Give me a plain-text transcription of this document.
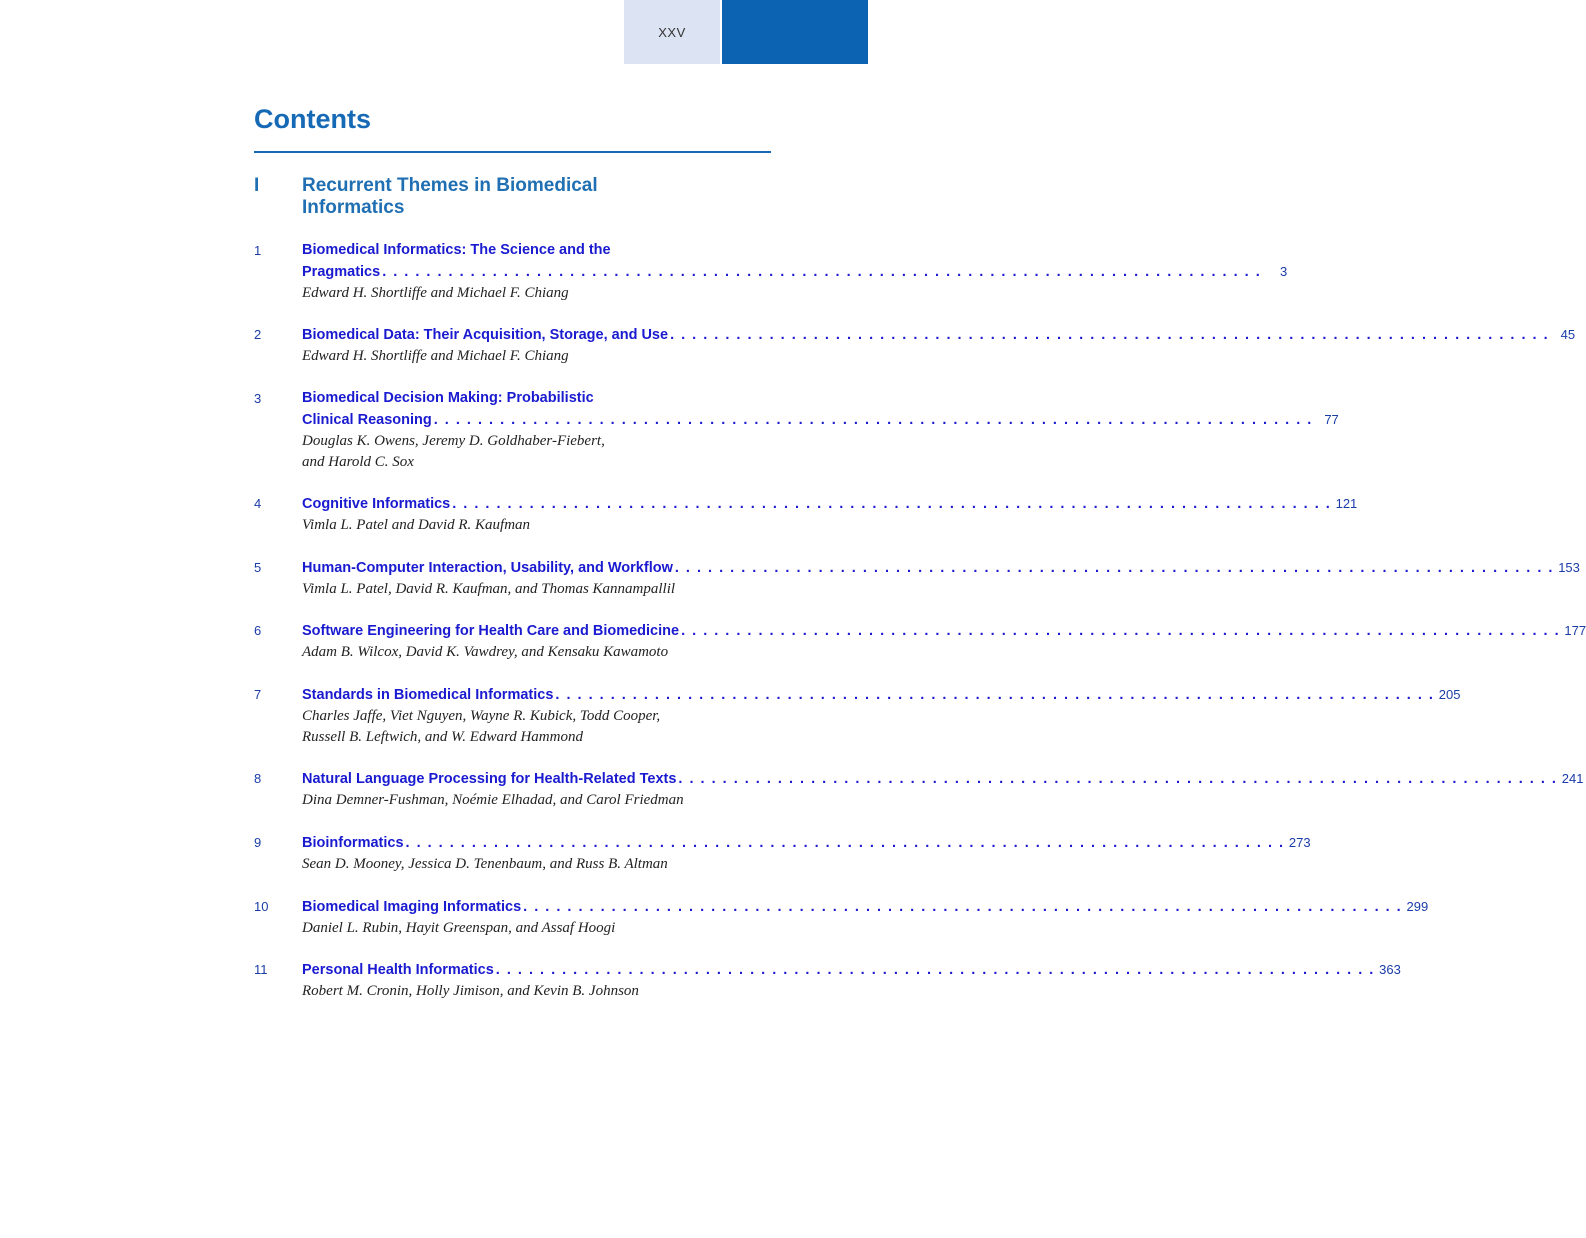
XXV
Contents
I	Recurrent Themes in Biomedical Informatics
1	Biomedical Informatics: The Science and the
Pragmatics . . . . . . . . . . . . . . . . . . . . . . . . . . . . . . . . . . . . . . . . . . . . . . . . . . . . . . . . . . . . . . . . . . . . . . . . . . . . . . . .	3
Edward H. Shortliffe and Michael F. Chiang
2	Biomedical Data: Their Acquisition, Storage, and Use . . . . . . . . . . . . . . . . . . . . . . . . . . . . . . . . . . . . . . . . . . . . . . . . . . . . . . . . . . . . . . . . . . . . . . . . . . . . . . . . 45
Edward H. Shortliffe and Michael F. Chiang
3	Biomedical Decision Making: Probabilistic
Clinical Reasoning . . . . . . . . . . . . . . . . . . . . . . . . . . . . . . . . . . . . . . . . . . . . . . . . . . . . . . . . . . . . . . . . . . . . . . . . . . . . . . . . 77
Douglas K. Owens, Jeremy D. Goldhaber-Fiebert,
and Harold C. Sox
4	Cognitive Informatics . . . . . . . . . . . . . . . . . . . . . . . . . . . . . . . . . . . . . . . . . . . . . . . . . . . . . . . . . . . . . . . . . . . . . . . . . . . . . . . . 121
Vimla L. Patel and David R. Kaufman
5	Human-Computer Interaction, Usability, and Workflow . . . . . . . . . . . . . . . . . . . . . . . . . . . . . . . . . . . . . . . . . . . . . . . . . . . . . . . . . . . . . . . . . . . . . . . . . . . . . . . . 153
Vimla L. Patel, David R. Kaufman, and Thomas Kannampallil
6	Software Engineering for Health Care and Biomedicine . . . . . . . . . . . . . . . . . . . . . . . . . . . . . . . . . . . . . . . . . . . . . . . . . . . . . . . . . . . . . . . . . . . . . . . . . . . . . . . . 177
Adam B. Wilcox, David K. Vawdrey, and Kensaku Kawamoto
7	Standards in Biomedical Informatics . . . . . . . . . . . . . . . . . . . . . . . . . . . . . . . . . . . . . . . . . . . . . . . . . . . . . . . . . . . . . . . . . . . . . . . . . . . . . . . . 205
Charles Jaffe, Viet Nguyen, Wayne R. Kubick, Todd Cooper,
Russell B. Leftwich, and W. Edward Hammond
8	Natural Language Processing for Health-Related Texts . . . . . . . . . . . . . . . . . . . . . . . . . . . . . . . . . . . . . . . . . . . . . . . . . . . . . . . . . . . . . . . . . . . . . . . . . . . . . . . . 241
Dina Demner-Fushman, Noémie Elhadad, and Carol Friedman
9	Bioinformatics . . . . . . . . . . . . . . . . . . . . . . . . . . . . . . . . . . . . . . . . . . . . . . . . . . . . . . . . . . . . . . . . . . . . . . . . . . . . . . . . 273
Sean D. Mooney, Jessica D. Tenenbaum, and Russ B. Altman
10 Biomedical Imaging Informatics . . . . . . . . . . . . . . . . . . . . . . . . . . . . . . . . . . . . . . . . . . . . . . . . . . . . . . . . . . . . . . . . . . . . . . . . . . . . . . . . 299
Daniel L. Rubin, Hayit Greenspan, and Assaf Hoogi
11 Personal Health Informatics . . . . . . . . . . . . . . . . . . . . . . . . . . . . . . . . . . . . . . . . . . . . . . . . . . . . . . . . . . . . . . . . . . . . . . . . . . . . . . . . 363
Robert M. Cronin, Holly Jimison, and Kevin B. Johnson
